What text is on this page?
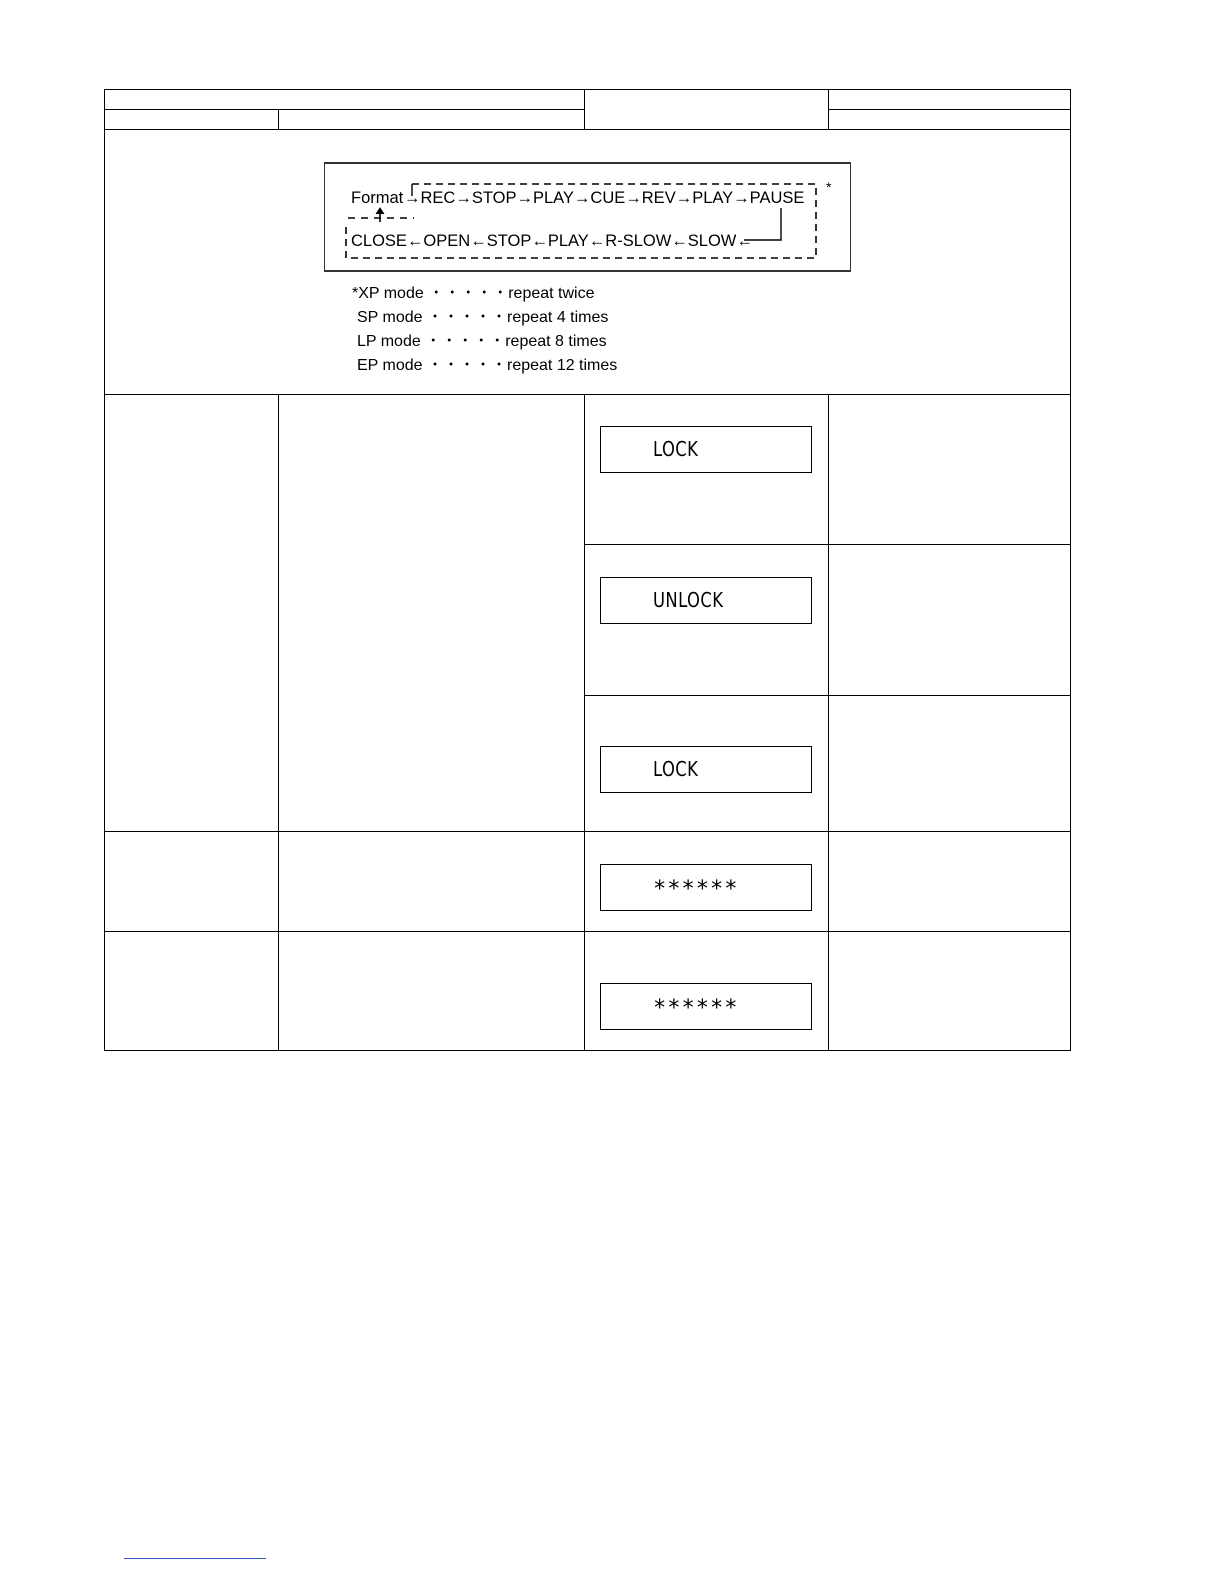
Format →REC→STOP→PLAY→CUE→REV→PLAY→PAUSE
CLOSE←OPEN←STOP←PLAY←R-SLOW←SLOW←
*
*XP mode ・・・・・repeat twice
SP mode ・・・・・repeat 4 times
LP mode ・・・・・repeat 8 times
EP mode ・・・・・repeat 12 times
LOCK
UNLOCK
LOCK
******
******
